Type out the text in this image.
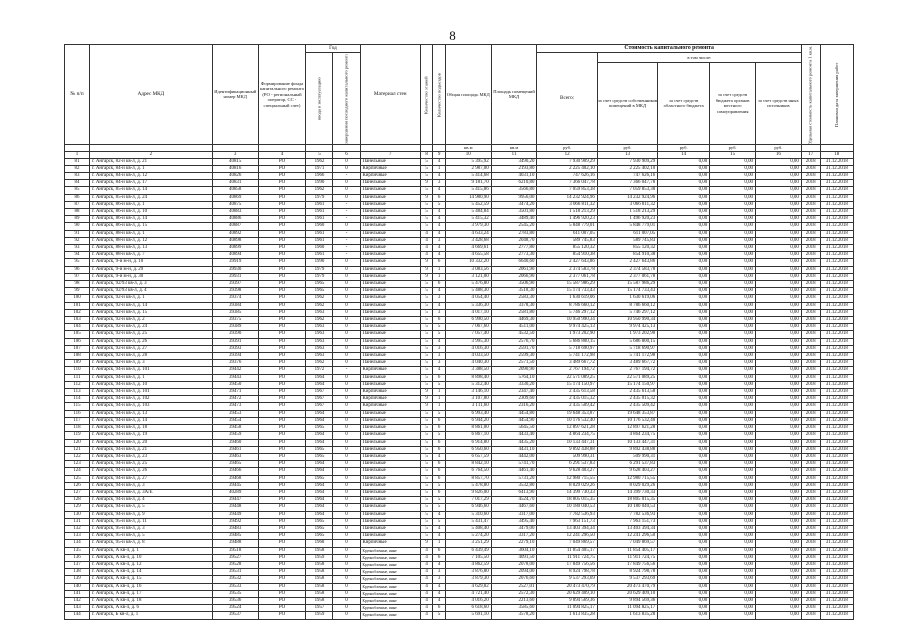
8
№ п/п	Адрес МКД	Идентификационный номер МКД	Формирование фонда капитального ремонта (РО - региональный оператор, СС - специальный счет)	Год		Материал стен	Количество этажей	Количество подъездов	Общая площадь МКД	Площадь помещений МКД	Стоимость капитального ремонта					Удельная стоимость капитального ремонта 1 кв.м.	Плановая дата завершения работ
				ввода в эксплуатацию	завершения последнего капитального ремонта						Всего:	в том числе:					
												за счет средств собственников помещений в МКД	за счет средств областного бюджета	за счет средств бюджета органов местного самоуправления	за счет средств иных источников		
									кв.м	кв.м	руб.	руб.	руб.	руб.	руб.		
1	2	3	4	5	6	7	8	9	10	11	12	13	14	15	16	17	18
81	г. Ангарск, 82-й кв-л, д. 21	40815	РО	1962	0	Панельные	5	4	5 395,92	3490,20	7 930 909,29	7 930 909,29	0,00	0,00	0,00	2018	31.12.2018
82	г. Ангарск, 84-й кв-л, д. 1	40816	РО	1971	0	Кирпичные	5	1	2 987,00	2193,80	2 225 402,10	2 225 402,10	0,00	0,00	0,00	2018	31.12.2018
83	г. Ангарск, 84-й кв-л, д. 12	40826	РО	1966	-	Кирпичные	5	4	5 414,68	4031,10	747 626,16	747 626,16	0,00	0,00	0,00	2018	31.12.2018
84	г. Ангарск, 84-й кв-л, д. 17	40831	РО	1990	0	Панельные	9	3	9 181,70	6210,80	7 366 047,78	7 366 047,78	0,00	0,00	0,00	2018	31.12.2018
85	г. Ангарск, 85-й кв-л, д. 14	40858	РО	1962	0	Панельные	5	4	5 415,86	3566,80	7 059 853,38	7 059 853,38	0,00	0,00	0,00	2018	31.12.2018
86	г. Ангарск, 85-й кв-л, д. 24	40869	РО	1979	0	Панельные	9	6	14 980,90	9956,00	14 232 924,96	14 232 924,96	0,00	0,00	0,00	2018	31.12.2018
87	г. Ангарск, 86-й кв-л, д. 1	40875	РО	1961	-	Панельные	5	5	5 452,59	3474,20	3 066 811,32	3 066 811,32	0,00	0,00	0,00	2018	31.12.2018
88	г. Ангарск, 86-й кв-л, д. 10	40883	РО	1961	-	Панельные	5	4	5 484,84	3501,80	1 518 213,29	1 518 213,29	0,00	0,00	0,00	2018	31.12.2018
89	г. Ангарск, 86-й кв-л, д. 14	40886	РО	1961	-	Панельные	5	4	5 415,32	3489,40	1 496 920,23	1 496 920,23	0,00	0,00	0,00	2018	31.12.2018
90	г. Ангарск, 86-й кв-л, д. 15	40887	РО	1960	0	Панельные	5	4	3 979,30	2545,20	5 848 779,01	5 848 779,01	0,00	0,00	0,00	2018	31.12.2018
91	г. Ангарск, 88-й кв-л, д. 1	40892	РО	1961	-	Панельные	4	4	4 633,24	2783,80	611 007,05	611 007,05	0,00	0,00	0,00	2018	31.12.2018
92	г. Ангарск, 88-й кв-л, д. 12	40898	РО	1961	-	Панельные	4	3	3 428,68	2048,70	589 745,83	589 745,83	0,00	0,00	0,00	2018	31.12.2018
93	г. Ангарск, 88-й кв-л, д. 13	40899	РО	1960	-	Панельные	4	4	4 669,61	2777,80	855 120,32	855 120,32	0,00	0,00	0,00	2018	31.12.2018
94	г. Ангарск, 88-й кв-л, д. 7	40894	РО	1961	-	Панельные	4	4	4 655,58	2773,30	854 910,38	854 910,38	0,00	0,00	0,00	2018	31.12.2018
95	г. Ангарск, 9-й м-н, д. 10	39919	РО	1990	0	Панельные	9	6	10 332,20	6640,60	2 427 643,86	2 427 643,86	0,00	0,00	0,00	2018	31.12.2018
96	г. Ангарск, 9-й м-н, д. 29	39930	РО	1979	0	Панельные	9	1	3 083,56	2061,90	2 374 583,78	2 374 583,78	0,00	0,00	0,00	2018	31.12.2018
97	г. Ангарск, 9-й м-н, д. 30	39931	РО	1979	0	Панельные	9	1	3 121,00	2066,90	2 377 061,78	2 377 061,78	0,00	0,00	0,00	2018	31.12.2018
98	г. Ангарск, 92/93 кв-л, д. 3	39397	РО	1965	0	Панельные	5	6	5 476,80	3506,90	15 587 986,29	15 587 986,29	0,00	0,00	0,00	2018	31.12.2018
99	г. Ангарск, 92/93 кв-л, д. 4	39398	РО	1965	0	Панельные	5	4	5 488,30	3518,30	15 174 733,43	15 174 733,43	0,00	0,00	0,00	2018	31.12.2018
100	г. Ангарск, 92-й кв-л, д. 1	39374	РО	1962	0	Панельные	5	3	4 054,40	2583,30	1 630 619,06	1 630 619,06	0,00	0,00	0,00	2018	31.12.2018
101	г. Ангарск, 92-й кв-л, д. 14	39384	РО	1962	0	Панельные	5	4	5 336,30	3378,30	8 786 660,12	8 786 660,12	0,00	0,00	0,00	2018	31.12.2018
102	г. Ангарск, 92-й кв-л, д. 15	39385	РО	1963	0	Панельные	5	3	4 017,10	2581,80	5 746 297,12	5 746 297,12	0,00	0,00	0,00	2018	31.12.2018
103	г. Ангарск, 92-й кв-л, д. 2	39375	РО	1962	0	Панельные	5	6	6 990,50	4469,30	10 950 990,34	10 950 990,34	0,00	0,00	0,00	2018	31.12.2018
104	г. Ангарск, 92-й кв-л, д. 24	39389	РО	1963	0	Панельные	5	5	7 067,60	4511,00	9 974 425,13	9 974 425,13	0,00	0,00	0,00	2018	31.12.2018
105	г. Ангарск, 92-й кв-л, д. 25	39390	РО	1963	0	Панельные	5	5	7 057,40	4532,50	1 973 202,90	1 973 202,90	0,00	0,00	0,00	2018	31.12.2018
106	г. Ангарск, 92-й кв-л, д. 26	39391	РО	1963	0	Панельные	5	4	3 995,30	2576,70	5 686 800,15	5 686 800,15	0,00	0,00	0,00	2018	31.12.2018
107	г. Ангарск, 92-й кв-л, д. 27	39393	РО	1963	0	Панельные	5	3	4 016,30	2591,70	5 718 690,97	5 718 690,97	0,00	0,00	0,00	2018	31.12.2018
108	г. Ангарск, 92-й кв-л, д. 28	39394	РО	1963	0	Панельные	5	3	4 033,50	2599,30	5 741 172,98	5 741 172,98	0,00	0,00	0,00	2018	31.12.2018
109	г. Ангарск, 92-й кв-л, д. 3	39376	РО	1962	0	Панельные	5	3	4 040,30	2571,50	3 489 667,72	3 489 667,72	0,00	0,00	0,00	2018	31.12.2018
110	г. Ангарск, 94-й кв-л, д. 101	39442	РО	1972	-	Кирпичные	5	4	3 388,50	2090,90	2 767 194,72	2 767 194,72	0,00	0,00	0,00	2018	31.12.2018
111	г. Ангарск, 94-й кв-л, д. 1	39443	РО	1964	0	Панельные	5	6	8 898,40	5764,10	22 571 089,25	22 571 089,25	0,00	0,00	0,00	2018	31.12.2018
112	г. Ангарск, 94-й кв-л, д. 10	39450	РО	1964	0	Панельные	5	5	5 312,40	3330,20	15 174 150,97	15 174 150,97	0,00	0,00	0,00	2018	31.12.2018
113	г. Ангарск, 94-й кв-л, д. 101	39471	РО	1967	0	Кирпичные	9	1	3 146,10	2347,40	2 435 613,58	2 435 613,58	0,00	0,00	0,00	2018	31.12.2018
114	г. Ангарск, 94-й кв-л, д. 102	39472	РО	1967	0	Кирпичные	9	1	3 107,80	2309,60	2 435 015,32	2 435 015,32	0,00	0,00	0,00	2018	31.12.2018
115	г. Ангарск, 94-й кв-л, д. 103	39473	РО	1967	0	Кирпичные	9	1	3 111,60	2316,20	2 435 509,42	2 435 509,42	0,00	0,00	0,00	2018	31.12.2018
116	г. Ангарск, 94-й кв-л, д. 13	39453	РО	1964	0	Панельные	5	5	6 993,40	4454,80	19 648 353,87	19 648 353,87	0,00	0,00	0,00	2018	31.12.2018
117	г. Ангарск, 94-й кв-л, д. 14	39454	РО	1964	0	Панельные	5	6	6 944,20	4454,90	10 176 532,40	10 176 532,40	0,00	0,00	0,00	2018	31.12.2018
118	г. Ангарск, 94-й кв-л, д. 18	39458	РО	1965	0	Панельные	5	6	8 861,00	5645,50	12 897 621,28	12 897 621,28	0,00	0,00	0,00	2018	31.12.2018
119	г. Ангарск, 94-й кв-л, д. 19	39459	РО	1964	0	Панельные	5	5	6 867,10	4433,40	4 864 234,75	4 864 234,75	0,00	0,00	0,00	2018	31.12.2018
120	г. Ангарск, 94-й кв-л, д. 20	39460	РО	1964	0	Панельные	5	6	6 914,80	4435,20	10 133 447,31	10 133 447,31	0,00	0,00	0,00	2018	31.12.2018
121	г. Ангарск, 94-й кв-л, д. 21	39461	РО	1965	0	Панельные	5	6	6 950,60	4431,10	9 892 438,88	9 892 438,88	0,00	0,00	0,00	2018	31.12.2018
122	г. Ангарск, 94-й кв-л, д. 23	39463	РО	1965	0	Панельные	5	4	6 657,59	4442,00	509 990,31	509 990,31	0,00	0,00	0,00	2018	31.12.2018
123	г. Ангарск, 94-й кв-л, д. 25	39465	РО	1964	0	Панельные	5	6	8 842,10	5741,70	6 291 537,83	6 291 537,83	0,00	0,00	0,00	2018	31.12.2018
124	г. Ангарск, 94-й кв-л, д. 26	39466	РО	1964	0	Панельные	5	6	6 764,50	4461,40	9 628 403,27	9 628 403,27	0,00	0,00	0,00	2018	31.12.2018
125	г. Ангарск, 94-й кв-л, д. 27	39468	РО	1965	0	Панельные	5	6	8 857,70	5731,20	12 980 715,55	12 980 715,55	0,00	0,00	0,00	2018	31.12.2018
126	г. Ангарск, 94-й кв-л, д. 3	39445	РО	1964	0	Панельные	5	5	5 478,80	3532,80	8 029 029,26	8 029 029,26	0,00	0,00	0,00	2018	31.12.2018
127	г. Ангарск, 94-й кв-л, д. 3А/Е	40289	РО	1964	0	Панельные	5	6	9 826,00	6413,90	14 399 730,33	14 399 730,33	0,00	0,00	0,00	2018	31.12.2018
128	г. Ангарск, 94-й кв-л, д. 4	39447	РО	1964	0	Панельные	5	5	7 017,29	4524,70	18 805 015,35	18 805 015,35	0,00	0,00	0,00	2018	31.12.2018
129	г. Ангарск, 94-й кв-л, д. 5	39448	РО	1964	0	Панельные	5	5	6 946,60	4467,60	10 180 040,53	10 180 040,53	0,00	0,00	0,00	2018	31.12.2018
130	г. Ангарск, 94-й кв-л, д. 9	39449	РО	1964	0	Панельные	5	4	5 310,60	3317,00	7 782 536,93	7 782 536,93	0,00	0,00	0,00	2018	31.12.2018
131	г. Ангарск, 95-й кв-л, д. 11	39492	РО	1965	0	Панельные	5	5	5 431,47	3495,40	7 963 151,73	7 963 151,73	0,00	0,00	0,00	2018	31.12.2018
132	г. Ангарск, 95-й кв-л, д. 3	39483	РО	1965	0	Панельные	5	4	5 408,40	3479,00	13 403 394,34	13 403 394,34	0,00	0,00	0,00	2018	31.12.2018
133	г. Ангарск, 95-й кв-л, д. 5	39485	РО	1965	0	Панельные	5	4	5 274,20	3317,20	12 241 296,50	12 241 296,50	0,00	0,00	0,00	2018	31.12.2018
134	г. Ангарск, 95-й кв-л, д. 8	39488	РО	1968	0	Кирпичные	9	1	3 251,29	2279,10	7 049 869,57	7 049 869,57	0,00	0,00	0,00	2018	31.12.2018
135	г. Ангарск, А кв-л, д. 1	39518	РО	1958	0	Крупноблочные, иные	4	6	6 439,49	3604,10	11 854 405,17	11 854 405,17	0,00	0,00	0,00	2018	31.12.2018
136	г. Ангарск, А кв-л, д. 10	39527	РО	1959	0	Крупноблочные, иные	4	6	7 105,50	4091,50	11 911 724,75	11 911 724,75	0,00	0,00	0,00	2018	31.12.2018
137	г. Ангарск, А кв-л, д. 12	39528	РО	1958	0	Крупноблочные, иные	4	4	4 862,59	2078,00	17 849 756,56	17 849 756,56	0,00	0,00	0,00	2018	31.12.2018
138	г. Ангарск, А кв-л, д. 14	39531	РО	1958	0	Крупноблочные, иные	4	3	3 876,80	2094,00	8 924 798,78	8 924 798,78	0,00	0,00	0,00	2018	31.12.2018
139	г. Ангарск, А кв-л, д. 15	39532	РО	1958	0	Крупноблочные, иные	4	3	3 879,30	2076,60	9 537 293,69	9 537 293,69	0,00	0,00	0,00	2018	31.12.2018
140	г. Ангарск, А кв-л, д. 16	39533	РО	1958	0	Крупноблочные, иные	4	4	4 629,82	2527,01	20 473 470,79	20 473 470,79	0,00	0,00	0,00	2018	31.12.2018
141	г. Ангарск, А кв-л, д. 17	39535	РО	1958	0	Крупноблочные, иные	4	4	4 721,40	2572,30	20 629 409,10	20 629 409,10	0,00	0,00	0,00	2018	31.12.2018
142	г. Ангарск, А кв-л, д. 18	39536	РО	1958	0	Крупноблочные, иные	4	4	4 016,20	2213,60	9 894 569,36	9 894 569,36	0,00	0,00	0,00	2018	31.12.2018
143	г. Ангарск, А кв-л, д. 6	39524	РО	1957	0	Крупноблочные, иные	4	6	6 618,60	3585,60	11 094 825,17	11 094 825,17	0,00	0,00	0,00	2018	31.12.2018
144	г. Ангарск, Б кв-л, д. 1	39537	РО	1959	0	Крупноблочные, иные	4	5	5 691,10	3578,20	1 613 835,28	1 613 835,28	0,00	0,00	0,00	2018	31.12.2018
